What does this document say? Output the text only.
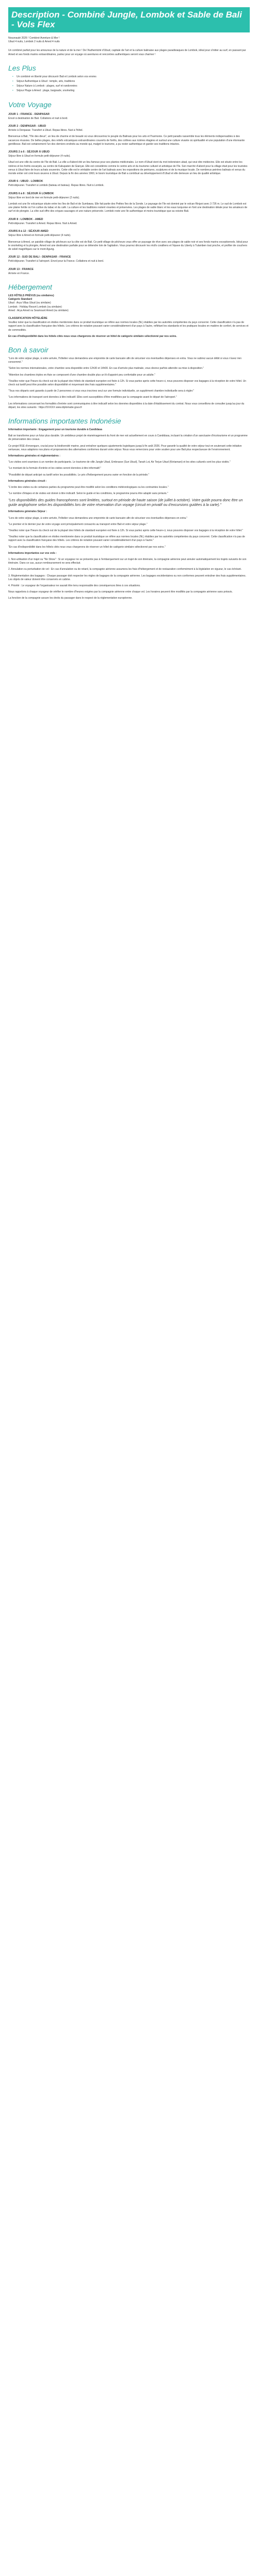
Description - Combiné Jungle, Lombok et Sable de Bali - Vols Flex

Nouveauté 2026 ! Combiné Aventure & Mer !

Ubud 4 nuits, Lombok 2 nuits & Amed 4 nuits

Un combiné parfait pour les amoureux de la nature et de la mer ! De l'Authenticité d'Ubud, capitale de l'art et la culture balinaise aux plages paradisiaques de Lombok, idéal pour s'initier au surf, en passant par Amed et ses fonds marins extraordinaires, partez pour un voyage où aventures et rencontres authentiques seront vous charmer !

Les Plus
• Un combiné en liberté pour découvrir Bali et Lombok selon vos envies
• Séjour Authentique à Ubud : temple, arts, traditions
• Séjour Nature à Lombok : plages, surf et randonnées
• Séjour Plage à Amed : plage, baignade, snorkeling
Votre Voyage
JOUR 1 : FRANCE - DENPASAR

Envol à destination de Bali. Collations et nuit à bord.

JOUR 2 : DENPASAR - UBUD

Arrivée à Denpasar. Transfert à Ubud. Repas libres. Nuit à l'hôtel.

Bienvenue à Bali, "l'île des dieux", un lieu de charme et de beauté où vous découvrirez le peuple du Balinais pour les arts et l'harmonie. Ce petit paradis rassemble tous les éléments indispensables à des vacances réussies. De belles plages, des reliefs volcaniques extraordinaires couverts de forêts, des collines aux rizières étagées et surtout une culture vivante où spiritualité et une population d'une étonnante gentillesse. Bali est certainement l'un des derniers endroits au monde qui, malgré le tourisme, a pu rester authentique et garder ses traditions intactes.

JOURS 2 à 6 : SÉJOUR À UBUD

Séjour libre à Ubud en formule petit-déjeuner (4 nuits).

Ubud est une ville du centre de l'île de Bali. La ville a d'abord été un lieu fameux pour ses plantes médicinales. Le nom d'Ubud vient du mot indonésien ubad, qui veut dire médecine. Elle est située entre les rizières et les forêts escarpés, au centre de Kabupaten de Gianyar. Elle est considérée comme le centre arts et du tourisme culturel et artistique de l'île. Son marché d'abord pour la village était pour les touristes venus à Ubud faire de leurs achats souvenirs. Cette ville est le véritable centre de l'art balinais avec les expositions de peintures, sculptures et de la musique locale. De nombreux peintres balinais et venus du monde entier ont créé leurs œuvres à Ubud. Depuis la fin des années 1960, le boom touristique de Bali a contribué au développement d'Ubud et elle demeure un lieu de qualité artistique.

JOUR 6 : UBUD - LOMBOK

Petit-déjeuner. Transfert à Lombok (bateau et bateau). Repas libres. Nuit à Lombok.

JOURS 6 à 8 : SÉJOUR À LOMBOK

Séjour libre en bord de mer en formule petit-déjeuner (2 nuits).

Lombok est une île volcanique située entre les îles de Bali et de Sumbawa. Elle fait partie des Petites îles de la Sonde. Le paysage de l'île est dominé par le volcan Rinjani avec 3 726 m. Le sud de Lombok est une plaine fertile où l'on cultive du tabac et du café. La culture et les traditions restent vivantes et préservées. Les plages de sable blanc et les eaux turquoise en font une destination idéale pour les amateurs de surf et de plongée. La côte sud offre des criques sauvages et une nature préservée. Lombok reste une île authentique et moins touristique que sa voisine Bali.

JOUR 8 : LOMBOK - AMED

Petit-déjeuner. Transfert à Amed. Repas libres. Nuit à Amed.

JOURS 8 à 12 : SÉJOUR AMED

Séjour libre à Amed en formule petit-déjeuner (4 nuits).

Bienvenue à Amed, un paisible village de pêcheurs sur la côte est de Bali. Ce petit village de pêcheurs vous offre un paysage de rêve avec ses plages de sable noir et ses fonds marins exceptionnels. Idéal pour le snorkeling et la plongée, Amed est une destination parfaite pour se détendre loin de l'agitation. Vous pourrez découvrir les récifs coralliens et l'épave du Liberty à Tulamben tout proche, et profiter de couchers de soleil magnifiques sur le mont Agung.

JOUR 12 : SUD DE BALI - DENPASAR - FRANCE

Petit-déjeuner. Transfert à l'aéroport. Envol pour la France. Collations et nuit à bord.

JOUR 13 : FRANCE

Arrivée en France.

Hébergement

LES HÔTELS PRÉVUS (ou similaires)

Catégorie Standard

Ubud : Arya Villas Ubud (ou similaire)

Lombok : Holiday Resort Lombok (ou similaire)

Amed : Arya Amed ou Seamount Amed (ou similaire)

CLASSIFICATION HÔTELIÈRE

Veuillez noter que la classification en étoiles mentionnée dans ce produit touristique se réfère aux normes locales (NL) établies par les autorités compétentes du pays concerné. Cette classification n'a pas de rapport avec la classification française des hôtels. Les critères de notation pouvant varier considérablement d'un pays à l'autre, reflétant les standards et les pratiques locales en matière de confort, de services et de commodités.

En cas d'indisponibilité dans les hôtels cités nous vous chargerons de réserver un hôtel de catégorie similaire sélectionné par nos soins.

Bon à savoir

"Lors de votre séjour plage, à votre arrivée, l'hôtelier vous demandera une empreinte de carte bancaire afin de sécuriser vos éventuelles dépenses en extra. Vous ne subirez aucun débit si vous n'avez rien consommé."

"Selon les normes internationales, votre chambre sera disponible entre 12h30 et 14h00. En cas d'arrivée plus matinale, vous devrez parfois attendre sa mise à disposition."

"Attention les chambres triples en Asie se composent d'une chambre double plus un lit d'appoint peu confortable pour un adulte."

"Veuillez noter que l'heure du check out de la plupart des hôtels de standard européen est fixée à 12h. Si vous partez après cette heure-ci, nous pouvons disposer vos bagages à la réception de votre hôtel. Un check out tardif peut être possible selon disponibilité et moyennant des frais supplémentaires."

"Tous nos départs sont garantis à partir de 2 personnes si vous vous inscrivez seul sur une formule individuelle, un supplément chambre individuelle sera à régler."

"Les informations de transport sont données à titre indicatif. Elles sont susceptibles d'être modifiées par la compagnie avant le départ de l'aéroport."

Les informations concernant les formalités d'entrée sont communiquées à titre indicatif selon les données disponibles à la date d'établissement du contrat. Nous vous conseillons de consulter jusqu'au jour du départ, les sites suivants : https://XXXXX www.diplomatie.gouv.fr

Informations importantes Indonésie

Information importante : Engagement pour un tourisme durable à Candidasa

Bali se transforme pour un futur plus durable. Un ambitieux projet de réaménagement du front de mer est actuellement en cours à Candidasa, incluant la création d'un sanctuaire d'écotourisme et un programme de préservation des coraux.

Ce projet RSE d'envergure, crucial pour la biodiversité marine, peut entraîner quelques ajustements logistiques jusqu'à fin août 2026. Pour garantir la qualité de votre séjour tout en soutenant cette initiative vertueuse, nous adaptons nos plans et proposerons des alternatives conformes durant votre séjour. Nous vous remercions pour votre soutien pour une Bali plus respectueuse de l'environnement.

Informations générales et règlementaires :

"Les visites sont soumises à un nombre de participants. Le tourisme de ville Jungle Ubud, Embrasse (Sun Ubud), Tanah Lot, Air Terjun Ubud (Kintamani) et les sites culturels sont les plus visités."

"Le montant de la formule d'entrée et les visites seront données à titre informatif."

"Possibilité de départ anticipé ou tardif selon les possibilités. Le prix d'hébergement pourra varier en fonction de la période."

Informations générales circuit :

"L'ordre des visites ou de certaines parties du programme peut être modifié selon les conditions météorologiques ou les contraintes locales."

"Le nombre d'étapes et de visites est donné à titre indicatif. Selon le guide et les conditions, le programme pourra être adapté sans préavis."

"Les disponibilités des guides francophones sont limitées, surtout en période de haute saison (de juillet à octobre). Votre guide pourra donc être un guide anglophone selon les disponibilités lors de votre réservation d'un voyage (circuit en privatif ou d'excursions guidées à la carte)."

Informations générales Séjour :

"Lors de votre séjour plage, à votre arrivée, l'hôtelier vous demandera une empreinte de carte bancaire afin de sécuriser vos éventuelles dépenses en extra."

"Le premier et le dernier jour de votre voyage sont principalement consacrés au transport entre Bali et votre séjour plage."

"Veuillez noter que l'heure du check out de la plupart des hôtels de standard européen est fixée à 12h. Si vous partez après cette heure-ci, nous pouvons disposer vos bagages à la réception de votre hôtel."

"Veuillez noter que la classification en étoiles mentionnée dans ce produit touristique se réfère aux normes locales (NL) établies par les autorités compétentes du pays concerné. Cette classification n'a pas de rapport avec la classification française des hôtels. Les critères de notation pouvant varier considérablement d'un pays à l'autre."

"En cas d'indisponibilité dans les hôtels cités nous vous chargerons de réserver un hôtel de catégorie similaire sélectionné par nos soins."

Informations importantes sur vos vols :

1. Non-utilisation d'un trajet ou "No Show" : Si un voyageur ne se présente pas à l'embarquement sur un trajet de son itinéraire, la compagnie aérienne peut annuler automatiquement les trajets suivants de son itinéraire. Dans ce cas, aucun remboursement ne sera effectué.

2. Annulation ou perturbation de vol : En cas d'annulation ou de retard, la compagnie aérienne assumera les frais d'hébergement et de restauration conformément à la législation en vigueur, le cas échéant.

3. Réglementation des bagages : Chaque passager doit respecter les règles de bagages de la compagnie aérienne. Les bagages excédentaires ou non conformes peuvent entraîner des frais supplémentaires. Les objets de valeur doivent être conservés en cabine.

4. Priorité : Le voyageur de l'organisateur ne saurait être tenu responsable des conséquences liées à ces situations.

Nous rappelons à chaque voyageur de vérifier le nombre d'heures exigées par la compagnie aérienne entre chaque vol. Les horaires peuvent être modifiés par la compagnie aérienne sans préavis.

La fonction de la compagnie assure les droits du passager dans le respect de la réglementation européenne.
